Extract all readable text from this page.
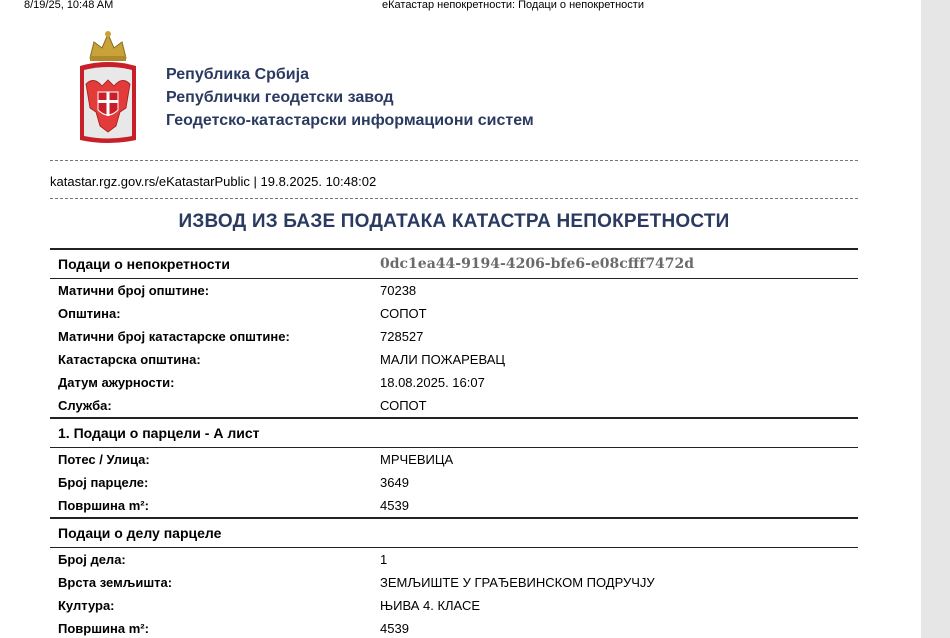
8/19/25, 10:48 AM	еКатастар непокретности: Подаци о непокретности
Република Србија
Републички геодетски завод
Геодетско-катастарски информациони систем
katastar.rgz.gov.rs/eKatastarPublic | 19.8.2025. 10:48:02
ИЗВОД ИЗ БАЗЕ ПОДАТАКА КАТАСТРА НЕПОКРЕТНОСТИ
Подаци о непокретности	0dc1ea44-9194-4206-bfe6-e08cfff7472d
Матични број општине:	70238
Општина:	СОПОТ
Матични број катастарске општине:	728527
Катастарска општина:	МАЛИ ПОЖАРЕВАЦ
Датум ажурности:	18.08.2025. 16:07
Служба:	СОПОТ
1. Подаци о парцели - А лист
Потес / Улица:	МРЧЕВИЦА
Број парцеле:	3649
Површина m²:	4539
Подаци о делу парцеле
Број дела:	1
Врста земљишта:	ЗЕМЉИШТЕ У ГРАЂЕВИНСКОМ ПОДРУЧЈУ
Култура:	ЊИВА 4. КЛАСЕ
Површина m²:	4539
